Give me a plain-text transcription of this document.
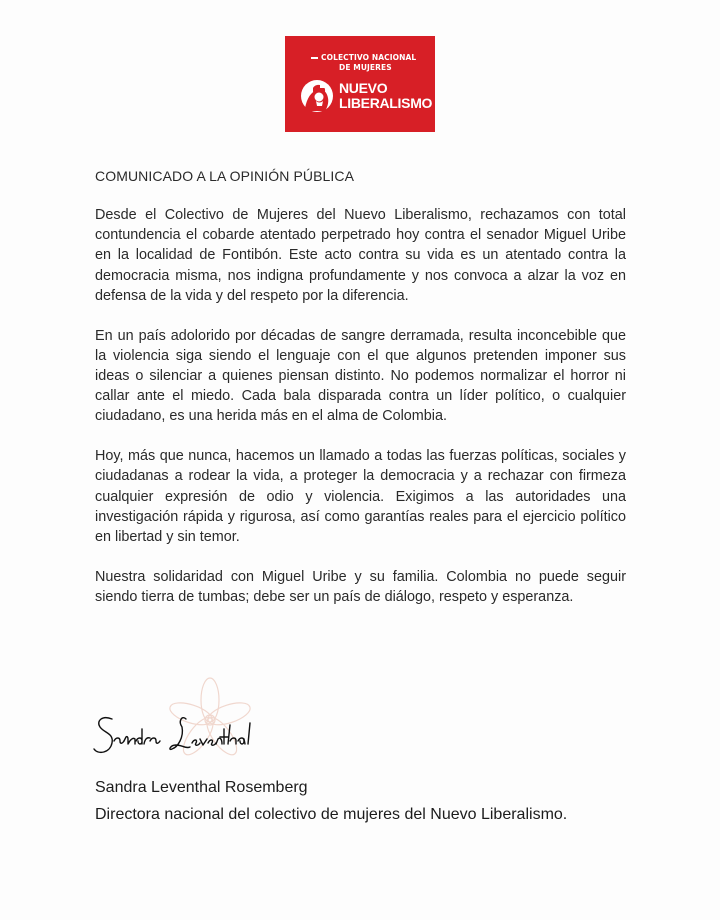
COLECTIVO NACIONAL
DE MUJERES
NUEVO
LIBERALISMO
COMUNICADO A LA OPINIÓN PÚBLICA

Desde el Colectivo de Mujeres del Nuevo Liberalismo, rechazamos con total contundencia el cobarde atentado perpetrado hoy contra el senador Miguel Uribe en la localidad de Fontibón. Este acto contra su vida es un atentado contra la democracia misma, nos indigna profundamente y nos convoca a alzar la voz en defensa de la vida y del respeto por la diferencia.

En un país adolorido por décadas de sangre derramada, resulta inconcebible que la violencia siga siendo el lenguaje con el que algunos pretenden imponer sus ideas o silenciar a quienes piensan distinto. No podemos normalizar el horror ni callar ante el miedo. Cada bala disparada contra un líder político, o cualquier ciudadano, es una herida más en el alma de Colombia.

Hoy, más que nunca, hacemos un llamado a todas las fuerzas políticas, sociales y ciudadanas a rodear la vida, a proteger la democracia y a rechazar con firmeza cualquier expresión de odio y violencia. Exigimos a las autoridades una investigación rápida y rigurosa, así como garantías reales para el ejercicio político en libertad y sin temor.

Nuestra solidaridad con Miguel Uribe y su familia. Colombia no puede seguir siendo tierra de tumbas; debe ser un país de diálogo, respeto y esperanza.

Sandra Leventhal Rosemberg
Directora nacional del colectivo de mujeres del Nuevo Liberalismo.
